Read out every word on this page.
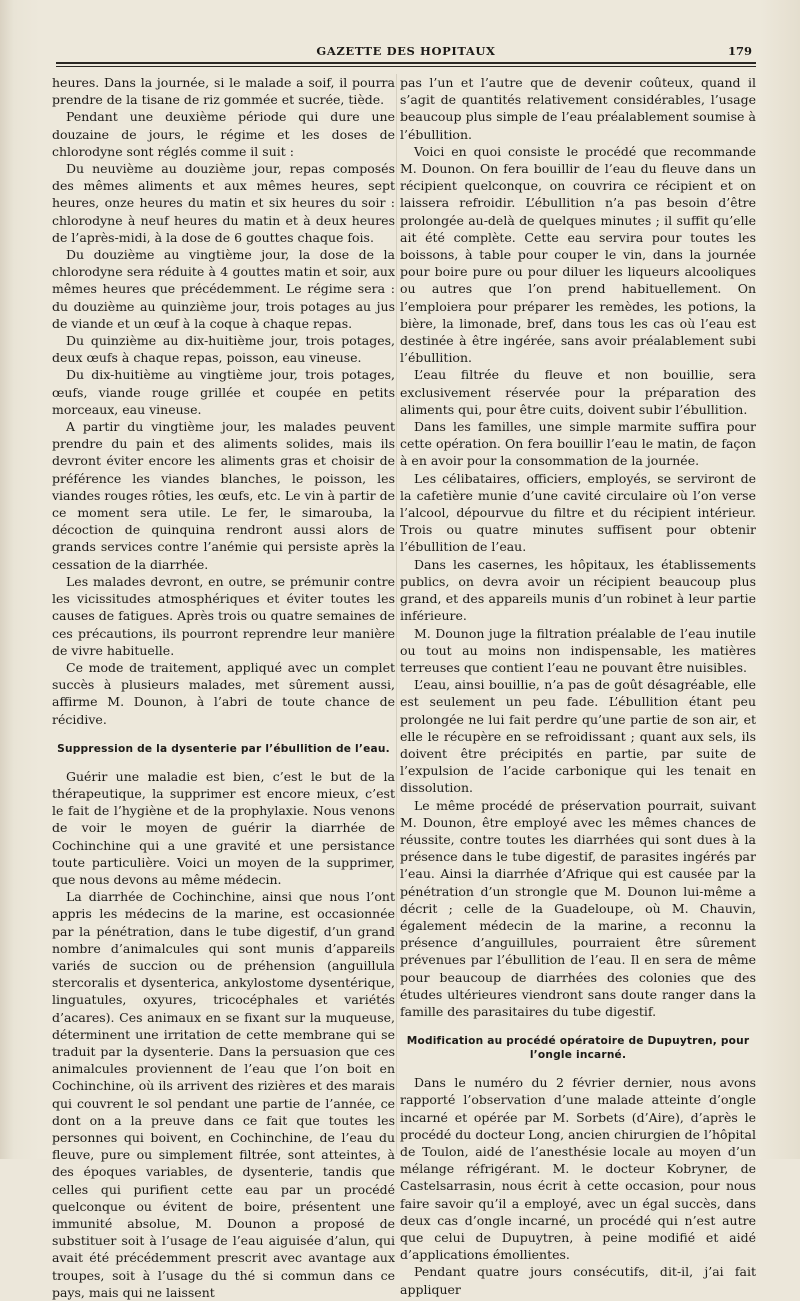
GAZETTE DES HOPITAUX	179

heures. Dans la journée, si le malade a soif, il pourra prendre de la tisane de riz gommée et sucrée, tiède.

Pendant une deuxième période qui dure une douzaine de jours, le régime et les doses de chlorodyne sont réglés comme il suit :

Du neuvième au douzième jour, repas composés des mêmes aliments et aux mêmes heures, sept heures, onze heures du matin et six heures du soir : chlorodyne à neuf heures du matin et à deux heures de l’après-midi, à la dose de 6 gouttes chaque fois.

Du douzième au vingtième jour, la dose de la chlorodyne sera réduite à 4 gouttes matin et soir, aux mêmes heures que précédemment. Le régime sera : du douzième au quinzième jour, trois potages au jus de viande et un œuf à la coque à chaque repas.

Du quinzième au dix-huitième jour, trois potages, deux œufs à chaque repas, poisson, eau vineuse.

Du dix-huitième au vingtième jour, trois potages, œufs, viande rouge grillée et coupée en petits morceaux, eau vineuse.

A partir du vingtième jour, les malades peuvent prendre du pain et des aliments solides, mais ils devront éviter encore les aliments gras et choisir de préférence les viandes blanches, le poisson, les viandes rouges rôties, les œufs, etc. Le vin à partir de ce moment sera utile. Le fer, le simarouba, la décoction de quinquina rendront aussi alors de grands services contre l’anémie qui persiste après la cessation de la diarrhée.

Les malades devront, en outre, se prémunir contre les vicissitudes atmosphériques et éviter toutes les causes de fatigues. Après trois ou quatre semaines de ces précautions, ils pourront reprendre leur manière de vivre habituelle.

Ce mode de traitement, appliqué avec un complet succès à plusieurs malades, met sûrement aussi, affirme M. Dounon, à l’abri de toute chance de récidive.

Suppression de la dysenterie par l’ébullition de l’eau.

Guérir une maladie est bien, c’est le but de la thérapeutique, la supprimer est encore mieux, c’est le fait de l’hygiène et de la prophylaxie. Nous venons de voir le moyen de guérir la diarrhée de Cochinchine qui a une gravité et une persistance toute particulière. Voici un moyen de la supprimer, que nous devons au même médecin.

La diarrhée de Cochinchine, ainsi que nous l’ont appris les médecins de la marine, est occasionnée par la pénétration, dans le tube digestif, d’un grand nombre d’animalcules qui sont munis d’appareils variés de succion ou de préhension (anguillula stercoralis et dysenterica, ankylostome dysentérique, linguatules, oxyures, tricocéphales et variétés d’acares). Ces animaux en se fixant sur la muqueuse, déterminent une irritation de cette membrane qui se traduit par la dysenterie. Dans la persuasion que ces animalcules proviennent de l’eau que l’on boit en Cochinchine, où ils arrivent des rizières et des marais qui couvrent le sol pendant une partie de l’année, ce dont on a la preuve dans ce fait que toutes les personnes qui boivent, en Cochinchine, de l’eau du fleuve, pure ou simplement filtrée, sont atteintes, à des époques variables, de dysenterie, tandis que celles qui purifient cette eau par un procédé quelconque ou évitent de boire, présentent une immunité absolue, M. Dounon a proposé de substituer soit à l’usage de l’eau aiguisée d’alun, qui avait été précédemment prescrit avec avantage aux troupes, soit à l’usage du thé si commun dans ce pays, mais qui ne laissent

pas l’un et l’autre que de devenir coûteux, quand il s’agit de quantités relativement considérables, l’usage beaucoup plus simple de l’eau préalablement soumise à l’ébullition.

Voici en quoi consiste le procédé que recommande M. Dounon. On fera bouillir de l’eau du fleuve dans un récipient quelconque, on couvrira ce récipient et on laissera refroidir. L’ébullition n’a pas besoin d’être prolongée au-delà de quelques minutes ; il suffit qu’elle ait été complète. Cette eau servira pour toutes les boissons, à table pour couper le vin, dans la journée pour boire pure ou pour diluer les liqueurs alcooliques ou autres que l’on prend habituellement. On l’emploiera pour préparer les remèdes, les potions, la bière, la limonade, bref, dans tous les cas où l’eau est destinée à être ingérée, sans avoir préalablement subi l’ébullition.

L’eau filtrée du fleuve et non bouillie, sera exclusivement réservée pour la préparation des aliments qui, pour être cuits, doivent subir l’ébullition.

Dans les familles, une simple marmite suffira pour cette opération. On fera bouillir l’eau le matin, de façon à en avoir pour la consommation de la journée.

Les célibataires, officiers, employés, se serviront de la cafetière munie d’une cavité circulaire où l’on verse l’alcool, dépourvue du filtre et du récipient intérieur. Trois ou quatre minutes suffisent pour obtenir l’ébullition de l’eau.

Dans les casernes, les hôpitaux, les établissements publics, on devra avoir un récipient beaucoup plus grand, et des appareils munis d’un robinet à leur partie inférieure.

M. Dounon juge la filtration préalable de l’eau inutile ou tout au moins non indispensable, les matières terreuses que contient l’eau ne pouvant être nuisibles.

L’eau, ainsi bouillie, n’a pas de goût désagréable, elle est seulement un peu fade. L’ébullition étant peu prolongée ne lui fait perdre qu’une partie de son air, et elle le récupère en se refroidissant ; quant aux sels, ils doivent être précipités en partie, par suite de l’expulsion de l’acide carbonique qui les tenait en dissolution.

Le même procédé de préservation pourrait, suivant M. Dounon, être employé avec les mêmes chances de réussite, contre toutes les diarrhées qui sont dues à la présence dans le tube digestif, de parasites ingérés par l’eau. Ainsi la diarrhée d’Afrique qui est causée par la pénétration d’un strongle que M. Dounon lui-même a décrit ; celle de la Guadeloupe, où M. Chauvin, également médecin de la marine, a reconnu la présence d’anguillules, pourraient être sûrement prévenues par l’ébullition de l’eau. Il en sera de même pour beaucoup de diarrhées des colonies que des études ultérieures viendront sans doute ranger dans la famille des parasitaires du tube digestif.

Modification au procédé opératoire de Dupuytren, pour l’ongle incarné.

Dans le numéro du 2 février dernier, nous avons rapporté l’observation d’une malade atteinte d’ongle incarné et opérée par M. Sorbets (d’Aire), d’après le procédé du docteur Long, ancien chirurgien de l’hôpital de Toulon, aidé de l’anesthésie locale au moyen d’un mélange réfrigérant. M. le docteur Kobryner, de Castelsarrasin, nous écrit à cette occasion, pour nous faire savoir qu’il a employé, avec un égal succès, dans deux cas d’ongle incarné, un procédé qui n’est autre que celui de Dupuytren, à peine modifié et aidé d’applications émollientes.

Pendant quatre jours consécutifs, dit-il, j’ai fait appliquer
